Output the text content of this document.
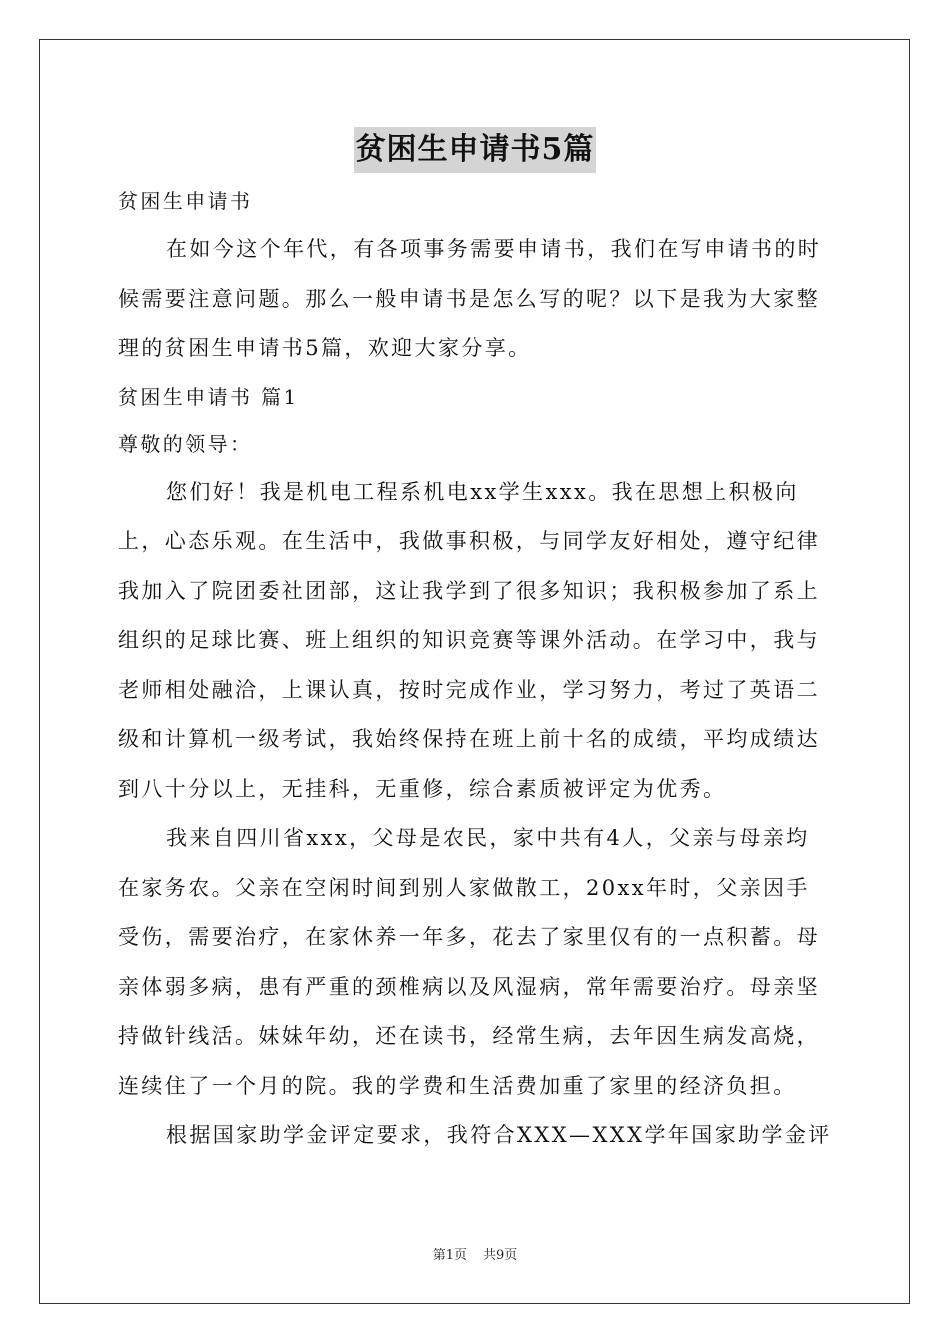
贫困生申请书5篇
贫困生申请书
在如今这个年代，有各项事务需要申请书，我们在写申请书的时
候需要注意问题。那么一般申请书是怎么写的呢？以下是我为大家整
理的贫困生申请书5篇，欢迎大家分享。
贫困生申请书 篇1
尊敬的领导：
您们好！我是机电工程系机电xx学生xxx。我在思想上积极向
上，心态乐观。在生活中，我做事积极，与同学友好相处，遵守纪律
我加入了院团委社团部，这让我学到了很多知识；我积极参加了系上
组织的足球比赛、班上组织的知识竞赛等课外活动。在学习中，我与
老师相处融洽，上课认真，按时完成作业，学习努力，考过了英语二
级和计算机一级考试，我始终保持在班上前十名的成绩，平均成绩达
到八十分以上，无挂科，无重修，综合素质被评定为优秀。
我来自四川省xxx，父母是农民，家中共有4人，父亲与母亲均
在家务农。父亲在空闲时间到别人家做散工，20xx年时，父亲因手
受伤，需要治疗，在家休养一年多，花去了家里仅有的一点积蓄。母
亲体弱多病，患有严重的颈椎病以及风湿病，常年需要治疗。母亲坚
持做针线活。妹妹年幼，还在读书，经常生病，去年因生病发高烧，
连续住了一个月的院。我的学费和生活费加重了家里的经济负担。
根据国家助学金评定要求，我符合XXX—XXX学年国家助学金评
第1页 共9页
